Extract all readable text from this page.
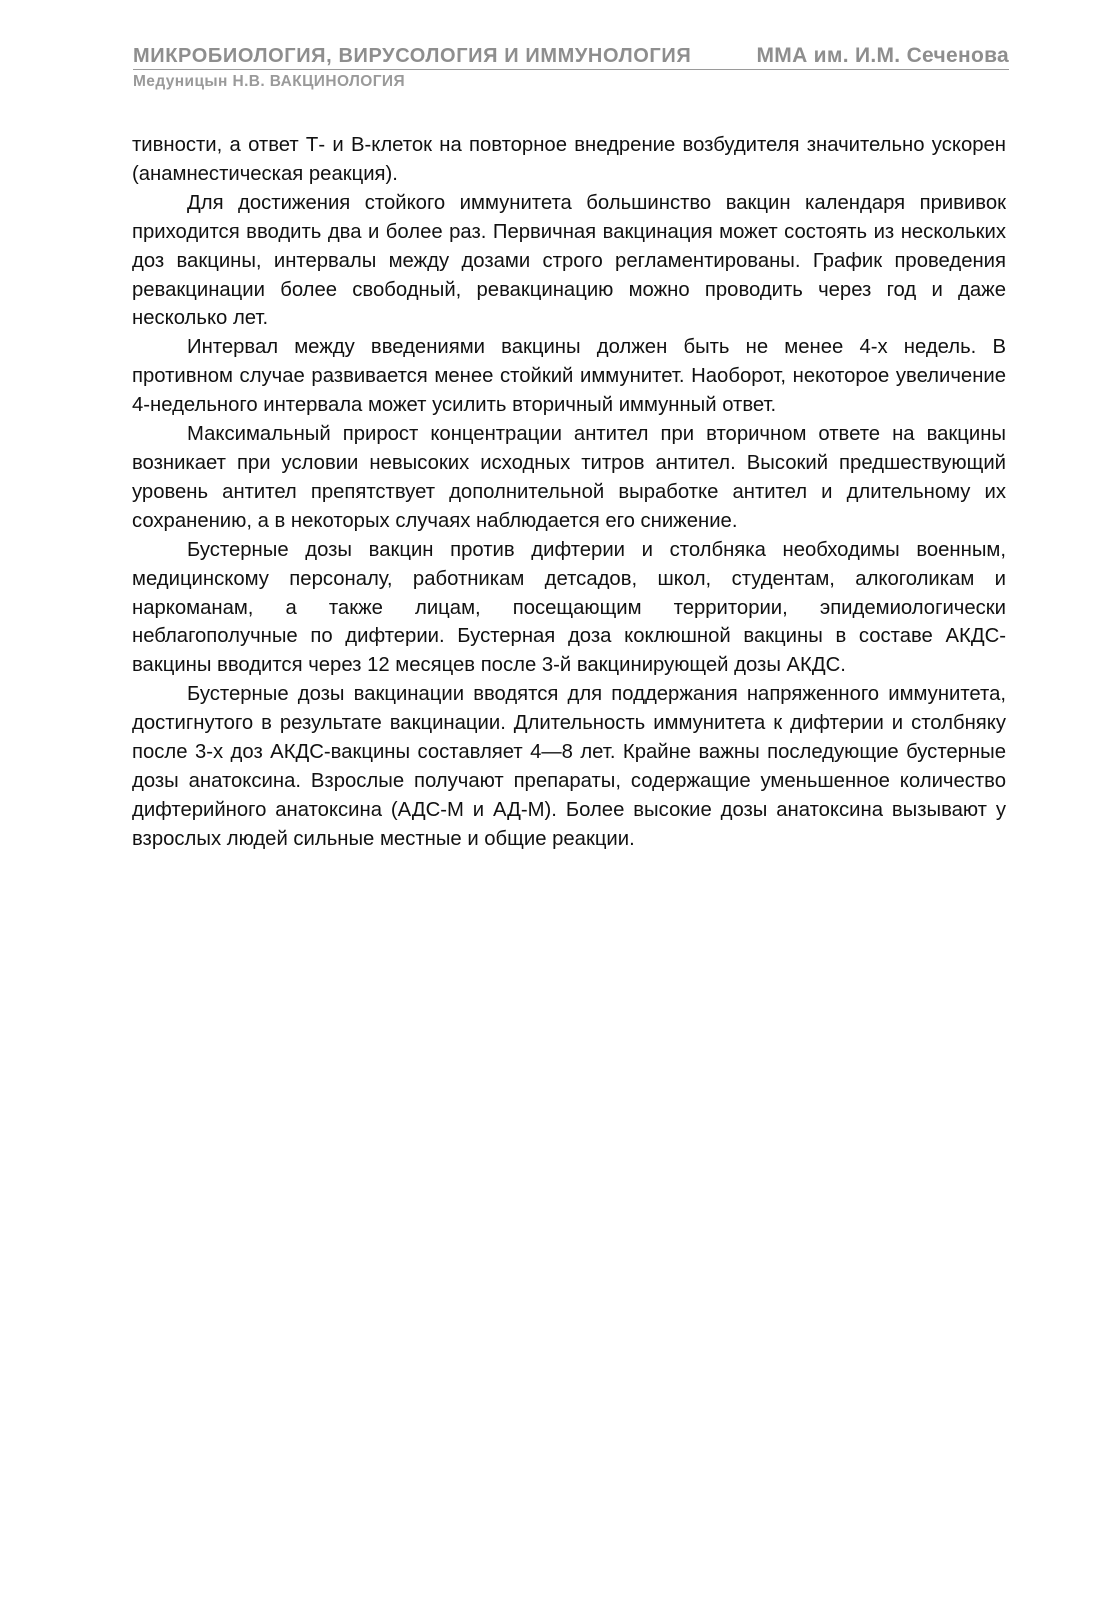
МИКРОБИОЛОГИЯ, ВИРУСОЛОГИЯ И ИММУНОЛОГИЯ	ММА им. И.М. Сеченова
Медуницын Н.В. ВАКЦИНОЛОГИЯ

тивности, а ответ Т- и В-клеток на повторное внедрение возбудителя значительно ускорен (анамнестическая реакция).

Для достижения стойкого иммунитета большинство вакцин календаря прививок приходится вводить два и более раз. Первичная вакцинация может состоять из нескольких доз вакцины, интервалы между дозами строго регламентированы. График проведения ревакцинации более свободный, ревакцинацию можно проводить через год и даже несколько лет.

Интервал между введениями вакцины должен быть не менее 4-х недель. В противном случае развивается менее стойкий иммунитет. Наоборот, некоторое увеличение 4-недельного интервала может усилить вторичный иммунный ответ.

Максимальный прирост концентрации антител при вторичном ответе на вакцины возникает при условии невысоких исходных титров антител. Высокий предшествующий уровень антител препятствует дополнительной выработке антител и длительному их сохранению, а в некоторых случаях наблюдается его снижение.

Бустерные дозы вакцин против дифтерии и столбняка необходимы военным, медицинскому персоналу, работникам детсадов, школ, студентам, алкоголикам и наркоманам, а также лицам, посещающим территории, эпидемиологически неблагополучные по дифтерии. Бустерная доза коклюшной вакцины в составе АКДС-вакцины вводится через 12 месяцев после 3-й вакцинирующей дозы АКДС.

Бустерные дозы вакцинации вводятся для поддержания напряженного иммунитета, достигнутого в результате вакцинации. Длительность иммунитета к дифтерии и столбняку после 3-х доз АКДС-вакцины составляет 4—8 лет. Крайне важны последующие бустерные дозы анатоксина. Взрослые получают препараты, содержащие уменьшенное количество дифтерийного анатоксина (АДС-М и АД-М). Более высокие дозы анатоксина вызывают у взрослых людей сильные местные и общие реакции.
